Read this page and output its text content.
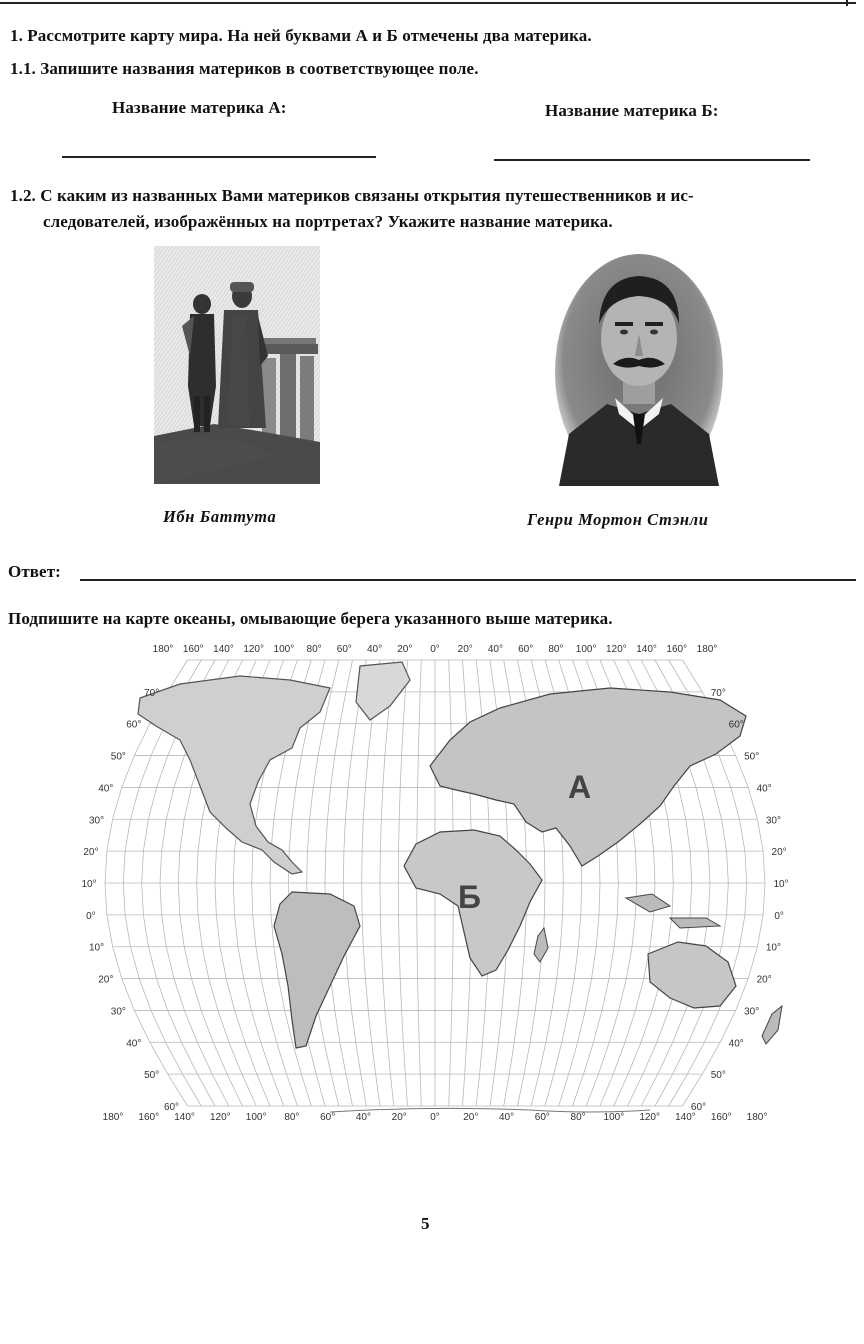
1. Рассмотрите карту мира. На ней буквами А и Б отмечены два материка.
1.1. Запишите названия материков в соответствующее поле.
Название материка А:	Название материка Б:
1.2. С каким из названных Вами материков связаны открытия путешественников и ис-
следователей, изображённых на портретах? Укажите название материка.
Ибн Баттута	Генри Мортон Стэнли
Ответ:
Подпишите на карте океаны, омывающие берега указанного выше материка.
180° 160° 140° 120° 100° 80° 60° 40° 20° 0° 20° 40° 60° 80° 100° 120° 140° 160° 180°
180° 160° 140° 120° 100° 80° 60° 40° 20° 0° 20° 40° 60° 80° 100° 120° 140° 160° 180°
70°
60°
50°
40°
30°
20°
10°
0°
10°
20°
30°
40°
50°
60°
70°
60°
50°
40°
30°
20°
10°
0°
10°
20°
30°
40°
50°
60°
А
Б
5
